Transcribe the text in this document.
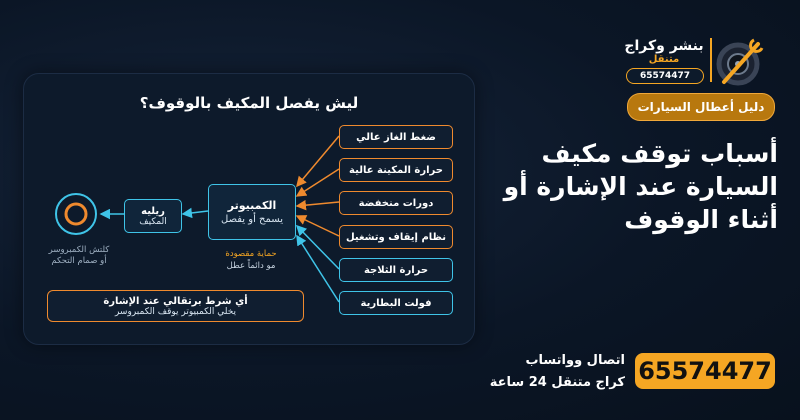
بنشر وكراج
متنقل
65574477
دليل أعطال السيارات
أسباب توقف مكيف
السيارة عند الإشارة أو
أثناء الوقوف
اتصال وواتساب
كراج متنقل 24 ساعة 65574477
ليش يفصل المكيف بالوقوف؟
ضغط الغاز عالي
حرارة المكينة عالية
دورات منخفضة
نظام إيقاف وتشغيل
حرارة الثلاجة
فولت البطارية
الكمبيوتر
يسمح أو يفصل
حماية مقصودة
مو دائماً عطل
ريليه
المكيف
كلتش الكمبروسر
أو صمام التحكم
أي شرط برتقالي عند الإشارة
يخلي الكمبيوتر يوقف الكمبروسر
